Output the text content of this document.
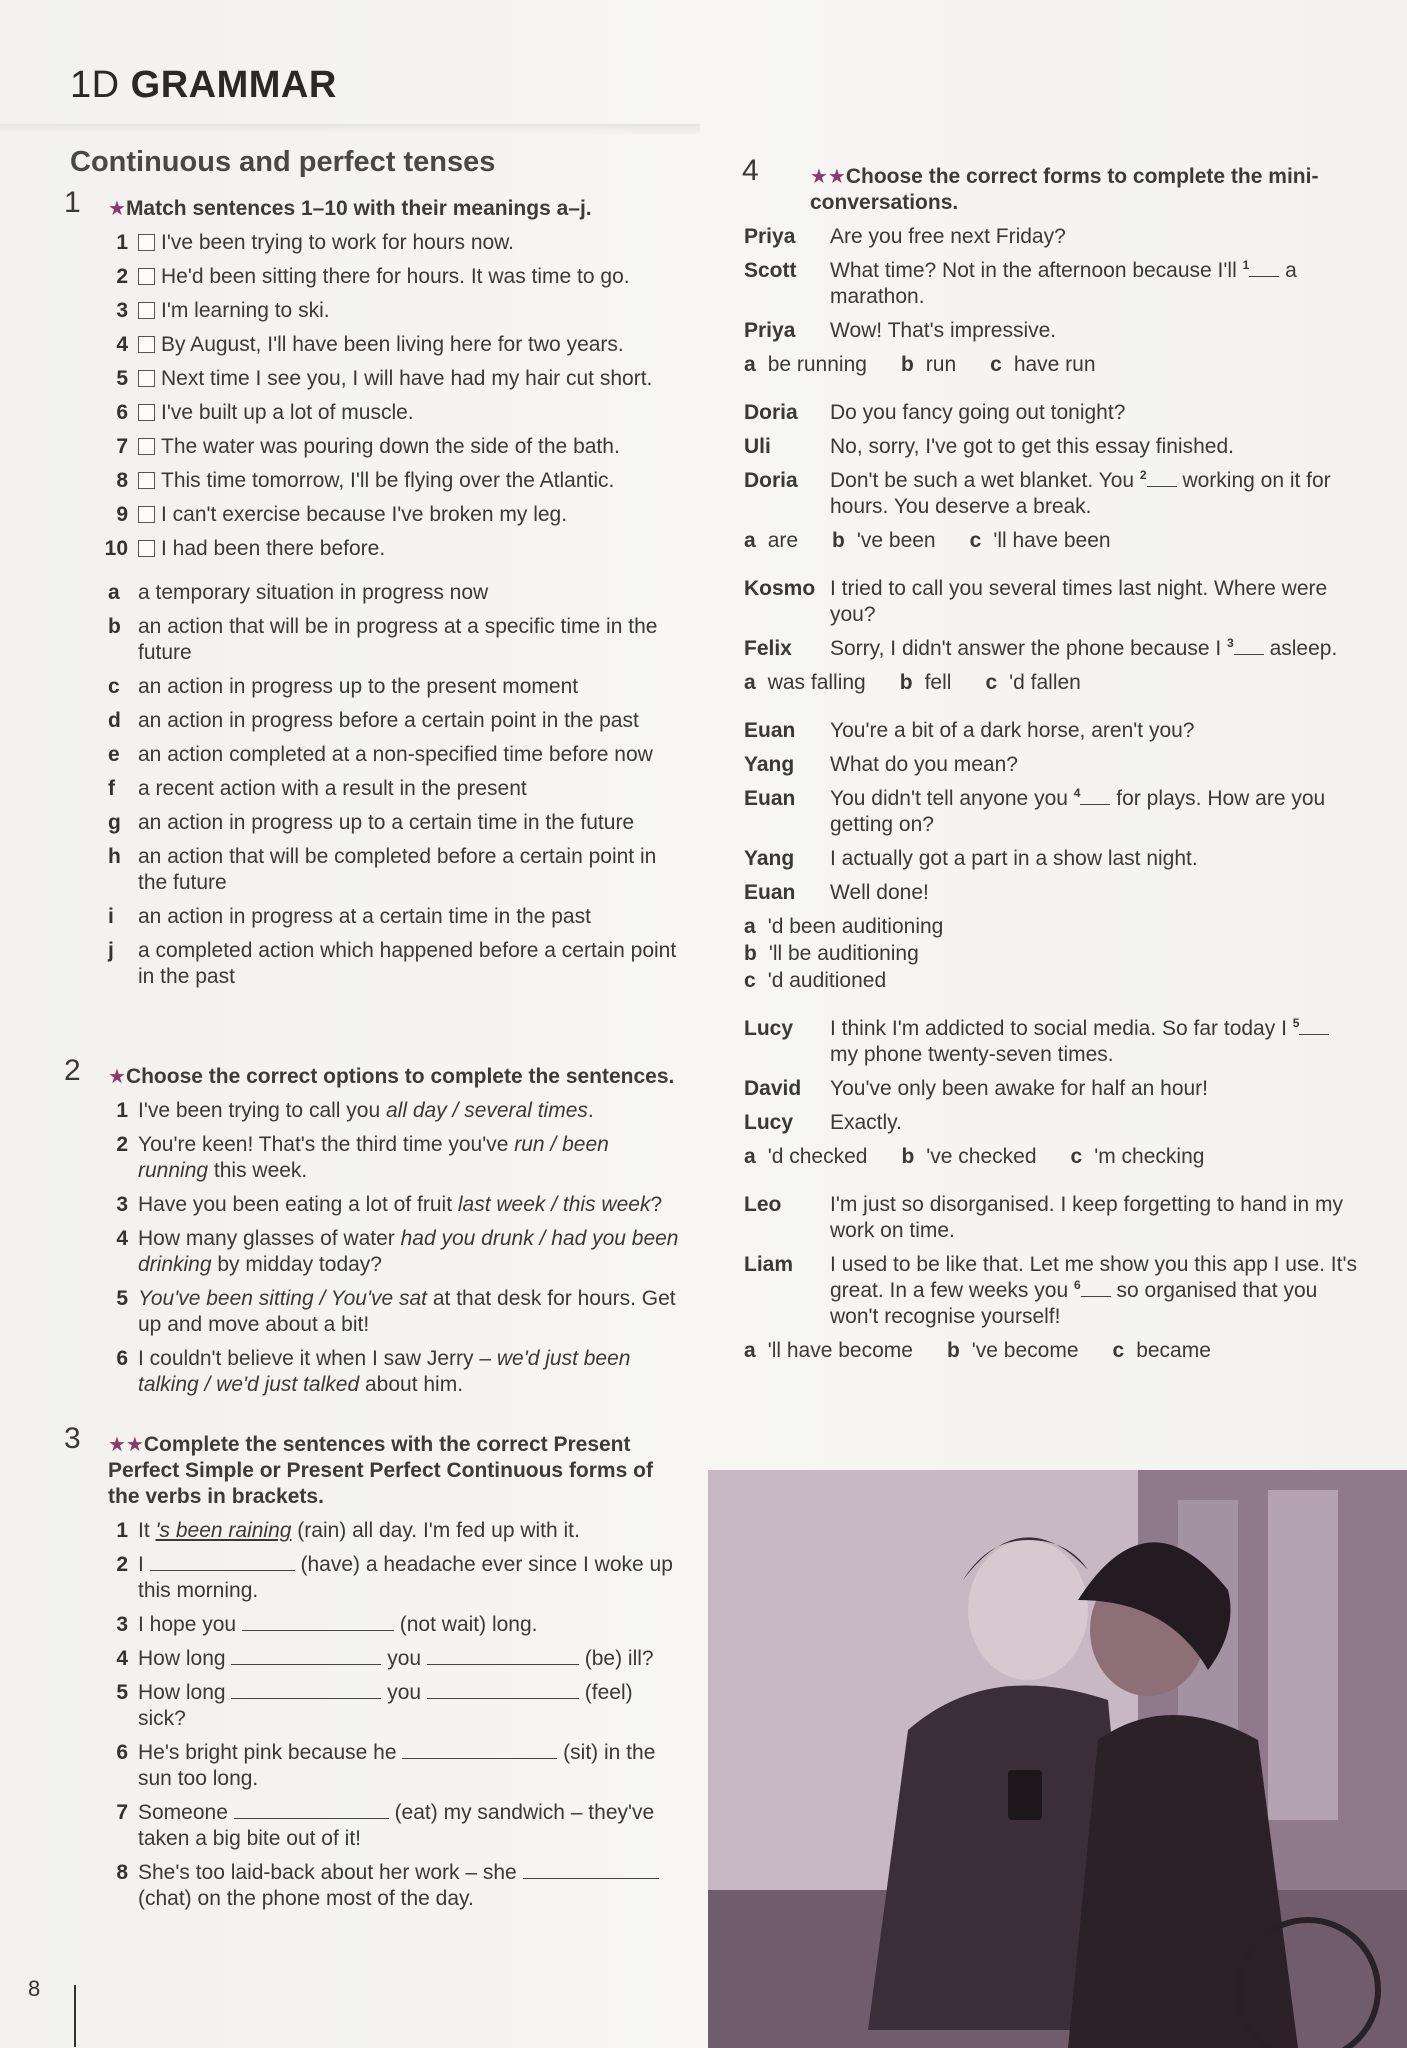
1D GRAMMAR
Continuous and perfect tenses
1 ★Match sentences 1–10 with their meanings a–j.
1 I've been trying to work for hours now.
2 He'd been sitting there for hours. It was time to go.
3 I'm learning to ski.
4 By August, I'll have been living here for two years.
5 Next time I see you, I will have had my hair cut short.
6 I've built up a lot of muscle.
7 The water was pouring down the side of the bath.
8 This time tomorrow, I'll be flying over the Atlantic.
9 I can't exercise because I've broken my leg.
10 I had been there before.
a a temporary situation in progress now
b an action that will be in progress at a specific time in the future
c an action in progress up to the present moment
d an action in progress before a certain point in the past
e an action completed at a non-specified time before now
f a recent action with a result in the present
g an action in progress up to a certain time in the future
h an action that will be completed before a certain point in the future
i an action in progress at a certain time in the past
j a completed action which happened before a certain point in the past
2 ★Choose the correct options to complete the sentences.
1 I've been trying to call you all day / several times.
2 You're keen! That's the third time you've run / been running this week.
3 Have you been eating a lot of fruit last week / this week?
4 How many glasses of water had you drunk / had you been drinking by midday today?
5 You've been sitting / You've sat at that desk for hours. Get up and move about a bit!
6 I couldn't believe it when I saw Jerry – we'd just been talking / we'd just talked about him.
3 ★★Complete the sentences with the correct Present Perfect Simple or Present Perfect Continuous forms of the verbs in brackets.
1 It 's been raining (rain) all day. I'm fed up with it.
2 I	(have) a headache ever since I woke up this morning.
3 I hope you	(not wait) long.
4 How long	you	(be) ill?
5 How long	you	(feel) sick?
6 He's bright pink because he	(sit) in the sun too long.
7 Someone	(eat) my sandwich – they've taken a big bite out of it!
8 She's too laid-back about her work – she  (chat) on the phone most of the day.
4	★★Choose the correct forms to complete the mini-conversations.
Priya Are you free next Friday?
Scott What time? Not in the afternoon because I'll $^1$ a marathon.
Priya Wow! That's impressive.
a be running b run c have run
Doria Do you fancy going out tonight?
Uli	No, sorry, I've got to get this essay finished.
Doria Don't be such a wet blanket. You $^2$ working on it for hours. You deserve a break.
a are b 've been c 'll have been
Kosmo I tried to call you several times last night. Where were you?
Felix Sorry, I didn't answer the phone because I $^3$ asleep.
a was falling b fell c 'd fallen
Euan You're a bit of a dark horse, aren't you?
Yang What do you mean?
Euan You didn't tell anyone you $^4$ for plays. How are you getting on?
Yang I actually got a part in a show last night.
Euan Well done!
a 'd been auditioning
b 'll be auditioning
c 'd auditioned
Lucy I think I'm addicted to social media. So far today I $^5$ my phone twenty-seven times.
David You've only been awake for half an hour!
Lucy Exactly.
a 'd checked b 've checked c 'm checking
Leo I'm just so disorganised. I keep forgetting to hand in my work on time.
Liam I used to be like that. Let me show you this app I use. It's great. In a few weeks you $^6$ so organised that you won't recognise yourself!
a 'll have become b 've become c became
8
